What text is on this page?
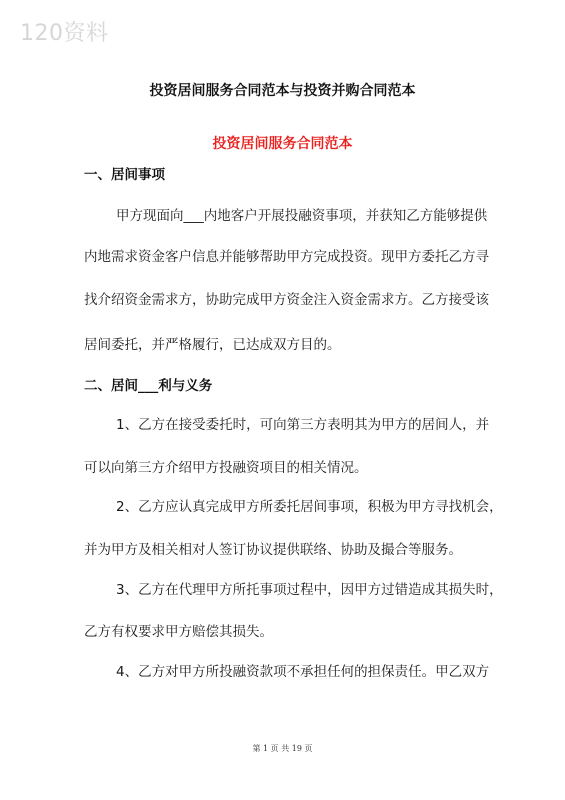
120资料
投资居间服务合同范本与投资并购合同范本
投资居间服务合同范本
一、居间事项
甲方现面向___内地客户开展投融资事项，并获知乙方能够提供
内地需求资金客户信息并能够帮助甲方完成投资。现甲方委托乙方寻
找介绍资金需求方，协助完成甲方资金注入资金需求方。乙方接受该
居间委托，并严格履行，已达成双方目的。
二、居间___利与义务
1、乙方在接受委托时，可向第三方表明其为甲方的居间人，并
可以向第三方介绍甲方投融资项目的相关情况。
2、乙方应认真完成甲方所委托居间事项，积极为甲方寻找机会，
并为甲方及相关相对人签订协议提供联络、协助及撮合等服务。
3、乙方在代理甲方所托事项过程中，因甲方过错造成其损失时，
乙方有权要求甲方赔偿其损失。
4、乙方对甲方所投融资款项不承担任何的担保责任。甲乙双方
第 1 页 共 19 页
